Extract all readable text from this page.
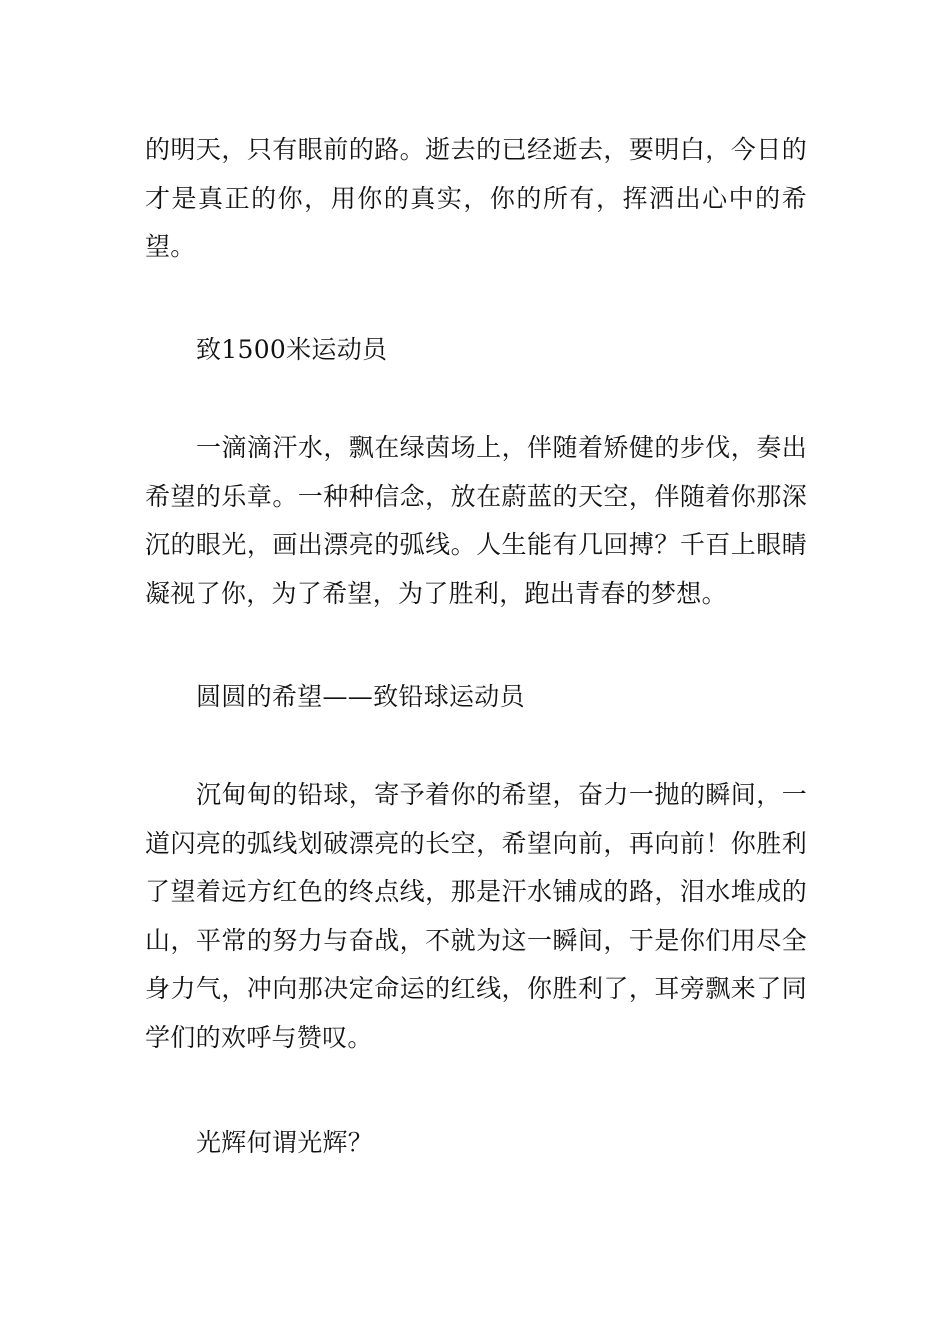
的明天，只有眼前的路。逝去的已经逝去，要明白，今日的才是真正的你，用你的真实，你的所有，挥洒出心中的希望。

致1500米运动员

一滴滴汗水，飘在绿茵场上，伴随着矫健的步伐，奏出希望的乐章。一种种信念，放在蔚蓝的天空，伴随着你那深沉的眼光，画出漂亮的弧线。人生能有几回搏？千百上眼睛凝视了你，为了希望，为了胜利，跑出青春的梦想。

圆圆的希望——致铅球运动员

沉甸甸的铅球，寄予着你的希望，奋力一抛的瞬间，一道闪亮的弧线划破漂亮的长空，希望向前，再向前！你胜利了望着远方红色的终点线，那是汗水铺成的路，泪水堆成的山，平常的努力与奋战，不就为这一瞬间，于是你们用尽全身力气，冲向那决定命运的红线，你胜利了，耳旁飘来了同学们的欢呼与赞叹。

光辉何谓光辉？
